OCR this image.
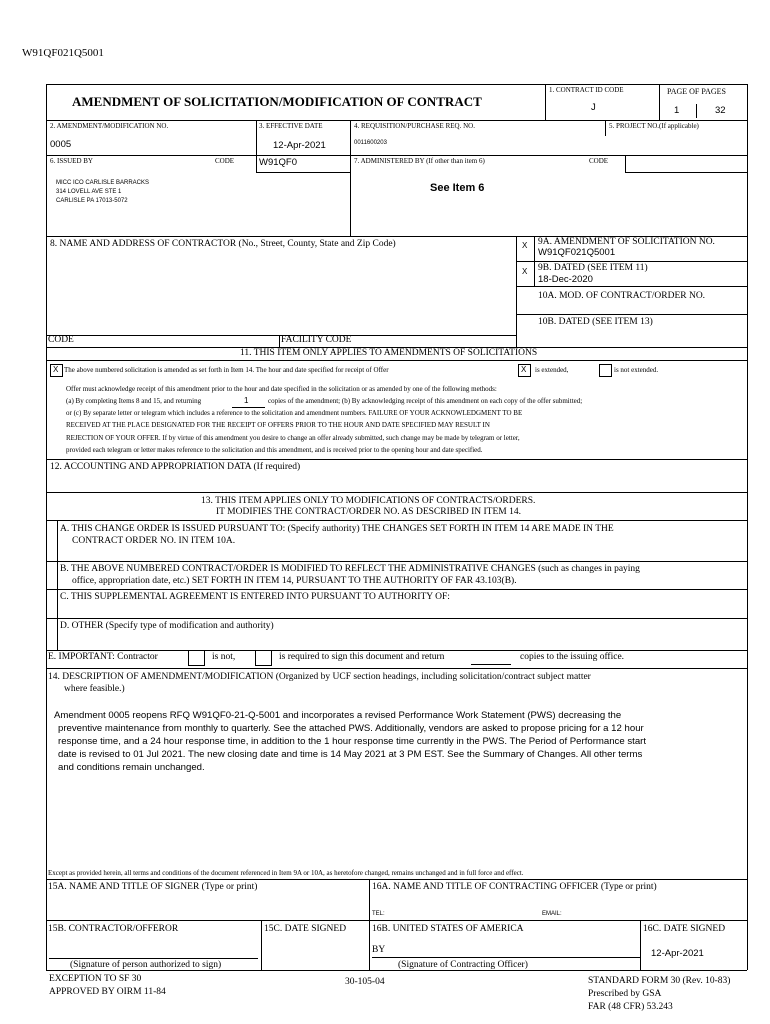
W91QF021Q5001
AMENDMENT OF SOLICITATION/MODIFICATION OF CONTRACT
1. CONTRACT ID CODE
J
PAGE OF PAGES
1	32
2. AMENDMENT/MODIFICATION NO.
0005
3. EFFECTIVE DATE
12-Apr-2021
4. REQUISITION/PURCHASE REQ. NO.
0011600203
5. PROJECT NO.(If applicable)
6. ISSUED BY	CODE	W91QF0
MICC ICO CARLISLE BARRACKS
314 LOVELL AVE STE 1
CARLISLE PA 17013-5072
7. ADMINISTERED BY (If other than item 6)	CODE
See Item 6
8. NAME AND ADDRESS OF CONTRACTOR (No., Street, County, State and Zip Code)	X 9A. AMENDMENT OF SOLICITATION NO.
W91QF021Q5001
X 9B. DATED (SEE ITEM 11)
18-Dec-2020
10A. MOD. OF CONTRACT/ORDER NO.
10B. DATED (SEE ITEM 13)
CODE	FACILITY CODE
11. THIS ITEM ONLY APPLIES TO AMENDMENTS OF SOLICITATIONS
X The above numbered solicitation is amended as set forth in Item 14. The hour and date specified for receipt of Offer	X is extended,	is not extended.
Offer must acknowledge receipt of this amendment prior to the hour and date specified in the solicitation or as amended by one of the following methods:
(a) By completing Items 8 and 15, and returning	1	copies of the amendment; (b) By acknowledging receipt of this amendment on each copy of the offer submitted;
or (c) By separate letter or telegram which includes a reference to the solicitation and amendment numbers. FAILURE OF YOUR ACKNOWLEDGMENT TO BE
RECEIVED AT THE PLACE DESIGNATED FOR THE RECEIPT OF OFFERS PRIOR TO THE HOUR AND DATE SPECIFIED MAY RESULT IN
REJECTION OF YOUR OFFER. If by virtue of this amendment you desire to change an offer already submitted, such change may be made by telegram or letter,
provided each telegram or letter makes reference to the solicitation and this amendment, and is received prior to the opening hour and date specified.
12. ACCOUNTING AND APPROPRIATION DATA (If required)
13. THIS ITEM APPLIES ONLY TO MODIFICATIONS OF CONTRACTS/ORDERS.
IT MODIFIES THE CONTRACT/ORDER NO. AS DESCRIBED IN ITEM 14.
A. THIS CHANGE ORDER IS ISSUED PURSUANT TO: (Specify authority) THE CHANGES SET FORTH IN ITEM 14 ARE MADE IN THE
CONTRACT ORDER NO. IN ITEM 10A.
B. THE ABOVE NUMBERED CONTRACT/ORDER IS MODIFIED TO REFLECT THE ADMINISTRATIVE CHANGES (such as changes in paying
office, appropriation date, etc.) SET FORTH IN ITEM 14, PURSUANT TO THE AUTHORITY OF FAR 43.103(B).
C. THIS SUPPLEMENTAL AGREEMENT IS ENTERED INTO PURSUANT TO AUTHORITY OF:
D. OTHER (Specify type of modification and authority)
E. IMPORTANT: Contractor	is not,	is required to sign this document and return	copies to the issuing office.
14. DESCRIPTION OF AMENDMENT/MODIFICATION (Organized by UCF section headings, including solicitation/contract subject matter
where feasible.)
Amendment 0005 reopens RFQ W91QF0-21-Q-5001 and incorporates a revised Performance Work Statement (PWS) decreasing the
preventive maintenance from monthly to quarterly. See the attached PWS. Additionally, vendors are asked to propose pricing for a 12 hour
response time, and a 24 hour response time, in addition to the 1 hour response time currently in the PWS. The Period of Performance start
date is revised to 01 Jul 2021. The new closing date and time is 14 May 2021 at 3 PM EST. See the Summary of Changes. All other terms
and conditions remain unchanged.
Except as provided herein, all terms and conditions of the document referenced in Item 9A or 10A, as heretofore changed, remains unchanged and in full force and effect.
15A. NAME AND TITLE OF SIGNER (Type or print)	16A. NAME AND TITLE OF CONTRACTING OFFICER (Type or print)
TEL:	EMAIL:
15B. CONTRACTOR/OFFEROR	15C. DATE SIGNED	16B. UNITED STATES OF AMERICA	16C. DATE SIGNED
BY	12-Apr-2021
(Signature of person authorized to sign)	(Signature of Contracting Officer)
EXCEPTION TO SF 30
APPROVED BY OIRM 11-84
30-105-04	STANDARD FORM 30 (Rev. 10-83)
Prescribed by GSA
FAR (48 CFR) 53.243
